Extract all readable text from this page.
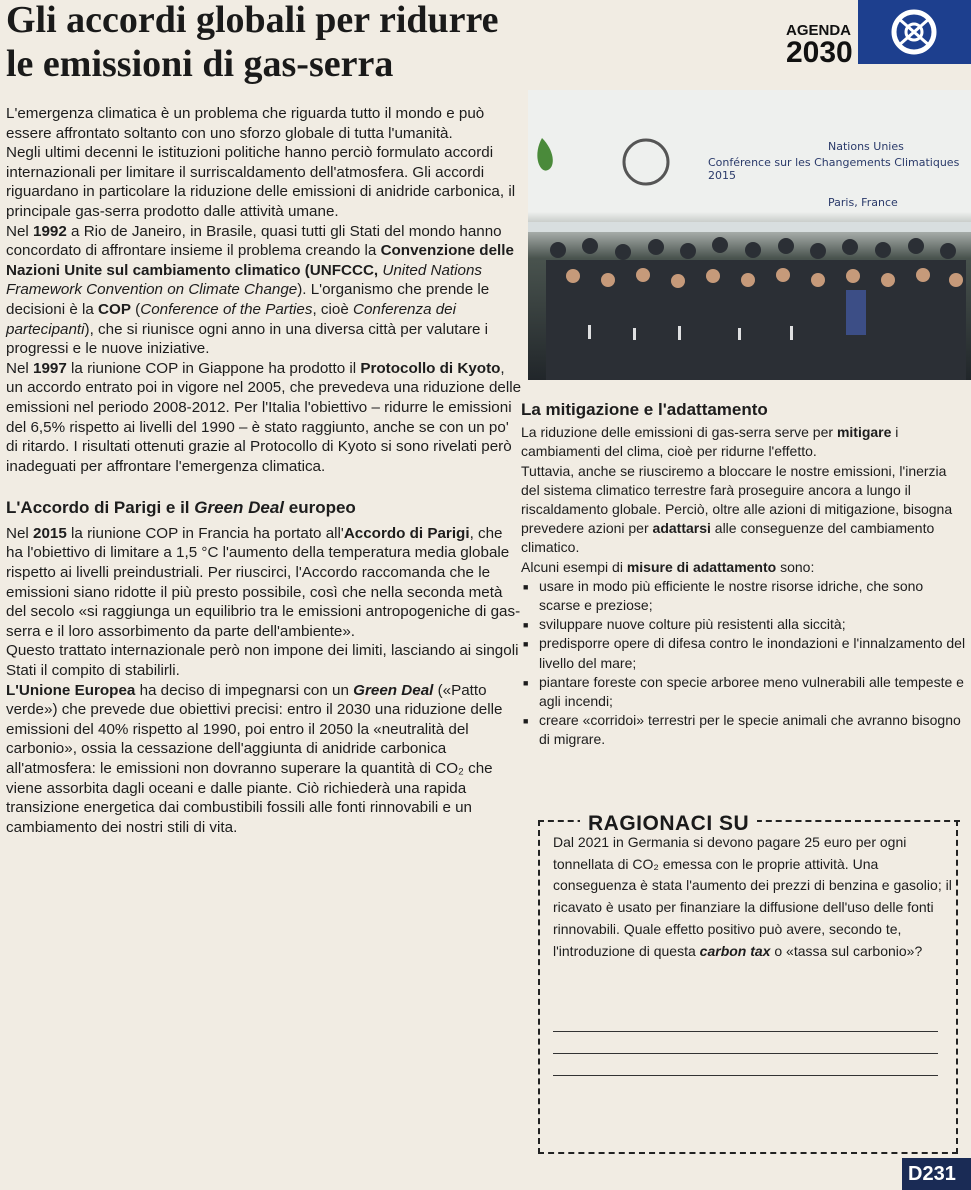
Gli accordi globali per ridurre
le emissioni di gas-serra
AGENDA
2030

L'emergenza climatica è un problema che riguarda tutto il mondo e può essere affrontato soltanto con uno sforzo globale di tutta l'umanità.

Negli ultimi decenni le istituzioni politiche hanno perciò formulato accordi internazionali per limitare il surriscaldamento dell'atmosfera. Gli accordi riguardano in particolare la riduzione delle emissioni di anidride carbonica, il principale gas-serra prodotto dalle attività umane.
Nel 1992 a Rio de Janeiro, in Brasile, quasi tutti gli Stati del mondo hanno concordato di affrontare insieme il problema creando la Convenzione delle Nazioni Unite sul cambiamento climatico (UNFCCC, United Nations Framework Convention on Climate Change). L'organismo che prende le decisioni è la COP (Conference of the Parties, cioè Conferenza dei partecipanti), che si riunisce ogni anno in una diversa città per valutare i progressi e le nuove iniziative.

Nel 1997 la riunione COP in Giappone ha prodotto il Protocollo di Kyoto, un accordo entrato poi in vigore nel 2005, che prevedeva una riduzione delle emissioni nel periodo 2008-2012. Per l'Italia l'obiettivo – ridurre le emissioni del 6,5% rispetto ai livelli del 1990 – è stato raggiunto, anche se con un po' di ritardo. I risultati ottenuti grazie al Protocollo di Kyoto si sono rivelati però inadeguati per affrontare l'emergenza climatica.

L'Accordo di Parigi e il Green Deal europeo

Nel 2015 la riunione COP in Francia ha portato all'Accordo di Parigi, che ha l'obiettivo di limitare a 1,5 °C l'aumento della temperatura media globale rispetto ai livelli preindustriali. Per riuscirci, l'Accordo raccomanda che le emissioni siano ridotte il più presto possibile, così che nella seconda metà del secolo «si raggiunga un equilibrio tra le emissioni antropogeniche di gas-serra e il loro assorbimento da parte dell'ambiente».

Questo trattato internazionale però non impone dei limiti, lasciando ai singoli Stati il compito di stabilirli.

L'Unione Europea ha deciso di impegnarsi con un Green Deal («Patto verde») che prevede due obiettivi precisi: entro il 2030 una riduzione delle emissioni del 40% rispetto al 1990, poi entro il 2050 la «neutralità del carbonio», ossia la cessazione dell'aggiunta di anidride carbonica all'atmosfera: le emissioni non dovranno superare la quantità di CO₂ che viene assorbita dagli oceani e dalle piante. Ciò richiederà una rapida transizione energetica dai combustibili fossili alle fonti rinnovabili e un cambiamento dei nostri stili di vita.

Nations Unies
Conférence sur les Changements Climatiques 2015
Paris, France
La mitigazione e l'adattamento
La riduzione delle emissioni di gas-serra serve per mitigare i cambiamenti del clima, cioè per ridurne l'effetto.
Tuttavia, anche se riusciremo a bloccare le nostre emissioni, l'inerzia del sistema climatico terrestre farà proseguire ancora a lungo il riscaldamento globale. Perciò, oltre alle azioni di mitigazione, bisogna prevedere azioni per adattarsi alle conseguenze del cambiamento climatico.
Alcuni esempi di misure di adattamento sono:
■ usare in modo più efficiente le nostre risorse idriche, che sono scarse e preziose;
■ sviluppare nuove colture più resistenti alla siccità;
■ predisporre opere di difesa contro le inondazioni e l'innalzamento del livello del mare;
■ piantare foreste con specie arboree meno vulnerabili alle tempeste e agli incendi;
■ creare «corridoi» terrestri per le specie animali che avranno bisogno di migrare.
RAGIONACI SU
Dal 2021 in Germania si devono pagare 25 euro per ogni tonnellata di CO₂ emessa con le proprie attività. Una conseguenza è stata l'aumento dei prezzi di benzina e gasolio; il ricavato è usato per finanziare la diffusione dell'uso delle fonti rinnovabili. Quale effetto positivo può avere, secondo te, l'introduzione di questa carbon tax o «tassa sul carbonio»?
D231
